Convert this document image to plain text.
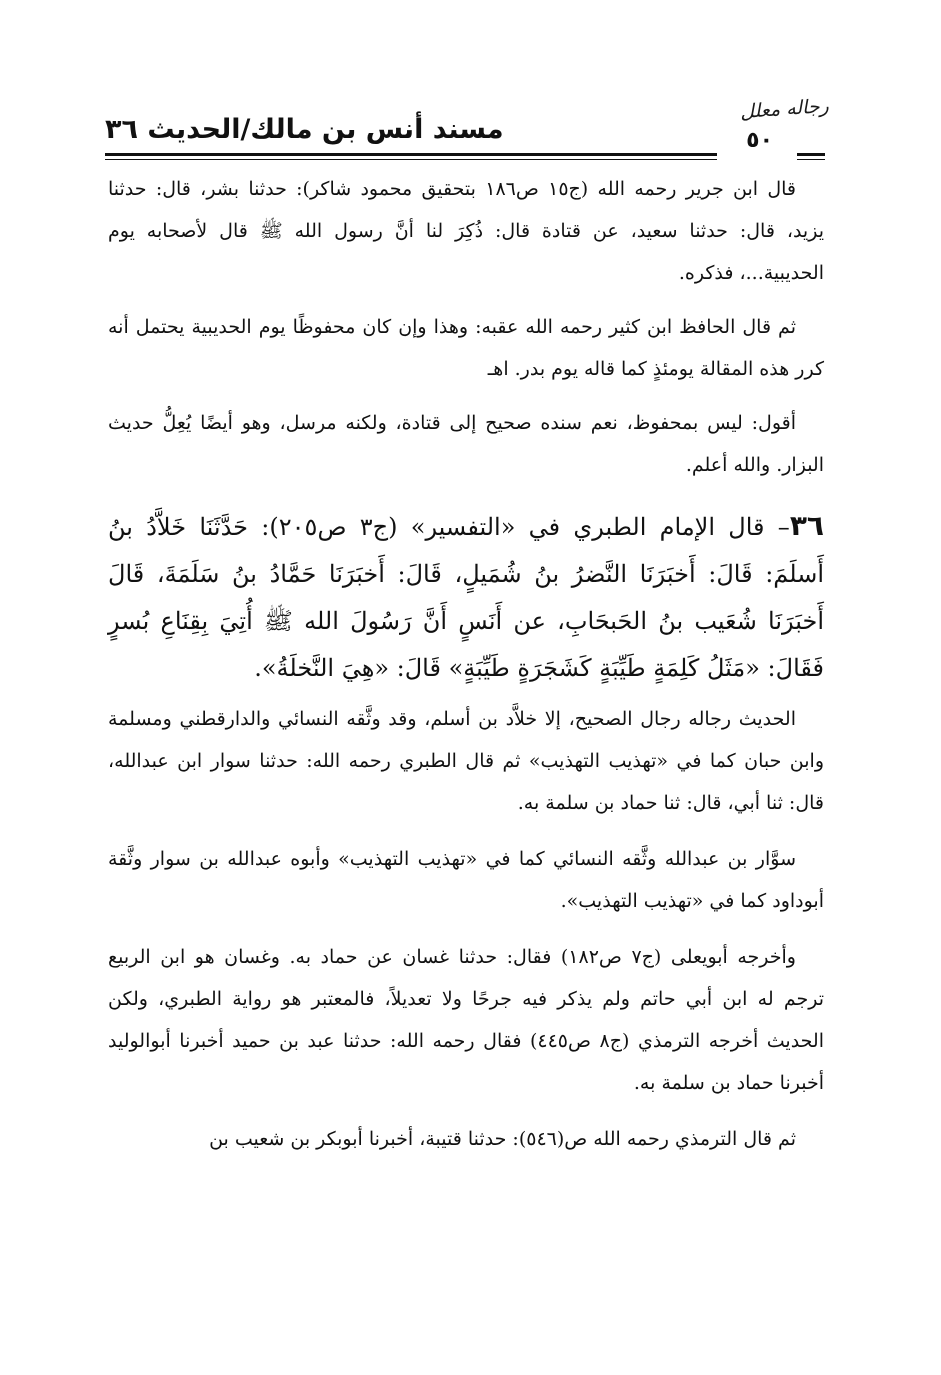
ﺭﺟﺎﻟﻪ ﻣﻌﻠﻞ
٥٠
مسند أنس بن مالك/الحديث ٣٦

قال ابن جرير رحمه الله (ج١٥ ص١٨٦ بتحقيق محمود شاكر): حدثنا بشر، قال: حدثنا يزيد، قال: حدثنا سعيد، عن قتادة قال: ذُكِرَ لنا أنَّ رسول الله ﷺ قال لأصحابه يوم الحديبية...، فذكره.

ثم قال الحافظ ابن كثير رحمه الله عقبه: وهذا وإن كان محفوظًا يوم الحديبية يحتمل أنه كرر هذه المقالة يومئذٍ كما قاله يوم بدر. اهـ

أقول: ليس بمحفوظ، نعم سنده صحيح إلى قتادة، ولكنه مرسل، وهو أيضًا يُعِلُّ حديث البزار. والله أعلم.

٣٦– قال الإمام الطبري في «التفسير» (ج٣ ص٢٠٥): حَدَّثَنَا خَلاَّدُ بنُ أَسلَمَ: قَالَ: أَخبَرَنَا النَّضرُ بنُ شُمَيلٍ، قَالَ: أَخبَرَنَا حَمَّادُ بنُ سَلَمَةَ، قَالَ أَخبَرَنَا شُعَيب بنُ الحَبحَابِ، عن أَنَسٍ أَنَّ رَسُولَ الله ﷺ أُتِيَ بِقِنَاعِ بُسرٍ فَقَالَ: «مَثَلُ كَلِمَةٍ طَيِّبَةٍ كَشَجَرَةٍ طَيِّبَةٍ» قَالَ: «هِيَ النَّخلَةُ».

الحديث رجاله رجال الصحيح، إلا خلاَّد بن أسلم، وقد وثَّقه النسائي والدارقطني ومسلمة وابن حبان كما في «تهذيب التهذيب» ثم قال الطبري رحمه الله: حدثنا سوار ابن عبدالله، قال: ثنا أبي، قال: ثنا حماد بن سلمة به.

سوَّار بن عبدالله وثَّقه النسائي كما في «تهذيب التهذيب» وأبوه عبدالله بن سوار وثَّقة أبوداود كما في «تهذيب التهذيب».

وأخرجه أبويعلى (ج٧ ص١٨٢) فقال: حدثنا غسان عن حماد به. وغسان هو ابن الربيع ترجم له ابن أبي حاتم ولم يذكر فيه جرحًا ولا تعديلاً، فالمعتبر هو رواية الطبري، ولكن الحديث أخرجه الترمذي (ج٨ ص٤٤٥) فقال رحمه الله: حدثنا عبد بن حميد أخبرنا أبوالوليد أخبرنا حماد بن سلمة به.

ثم قال الترمذي رحمه الله ص(٥٤٦): حدثنا قتيبة، أخبرنا أبوبكر بن شعيب بن
